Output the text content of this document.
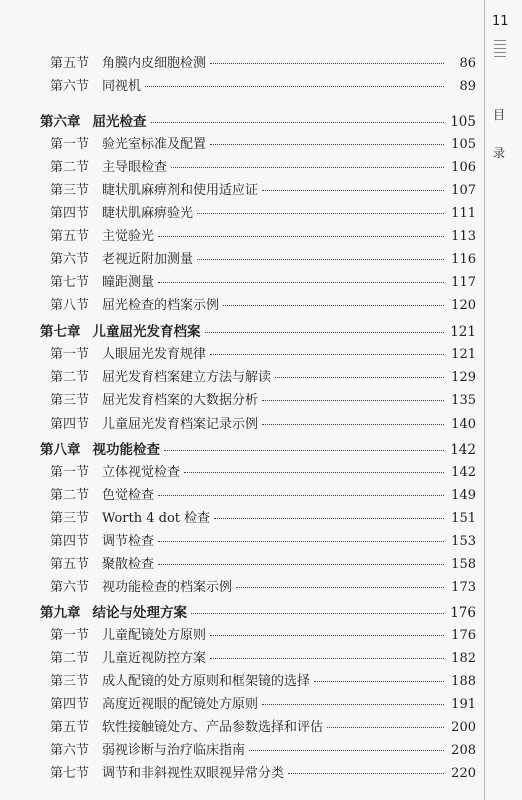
11
目
录
第五节 角膜内皮细胞检测	86
第六节 同视机	89
第六章 屈光检查	105
第一节 验光室标准及配置	105
第二节 主导眼检查	106
第三节 睫状肌麻痹剂和使用适应证	107
第四节 睫状肌麻痹验光	111
第五节 主觉验光	113
第六节 老视近附加测量	116
第七节 瞳距测量	117
第八节 屈光检查的档案示例	120
第七章 儿童屈光发育档案	121
第一节 人眼屈光发育规律	121
第二节 屈光发育档案建立方法与解读	129
第三节 屈光发育档案的大数据分析	135
第四节 儿童屈光发育档案记录示例	140
第八章 视功能检查	142
第一节 立体视觉检查	142
第二节 色觉检查	149
第三节 Worth 4 dot 检查	151
第四节 调节检查	153
第五节 聚散检查	158
第六节 视功能检查的档案示例	173
第九章 结论与处理方案	176
第一节 儿童配镜处方原则	176
第二节 儿童近视防控方案	182
第三节 成人配镜的处方原则和框架镜的选择	188
第四节 高度近视眼的配镜处方原则	191
第五节 软性接触镜处方、产品参数选择和评估	200
第六节 弱视诊断与治疗临床指南	208
第七节 调节和非斜视性双眼视异常分类	220
